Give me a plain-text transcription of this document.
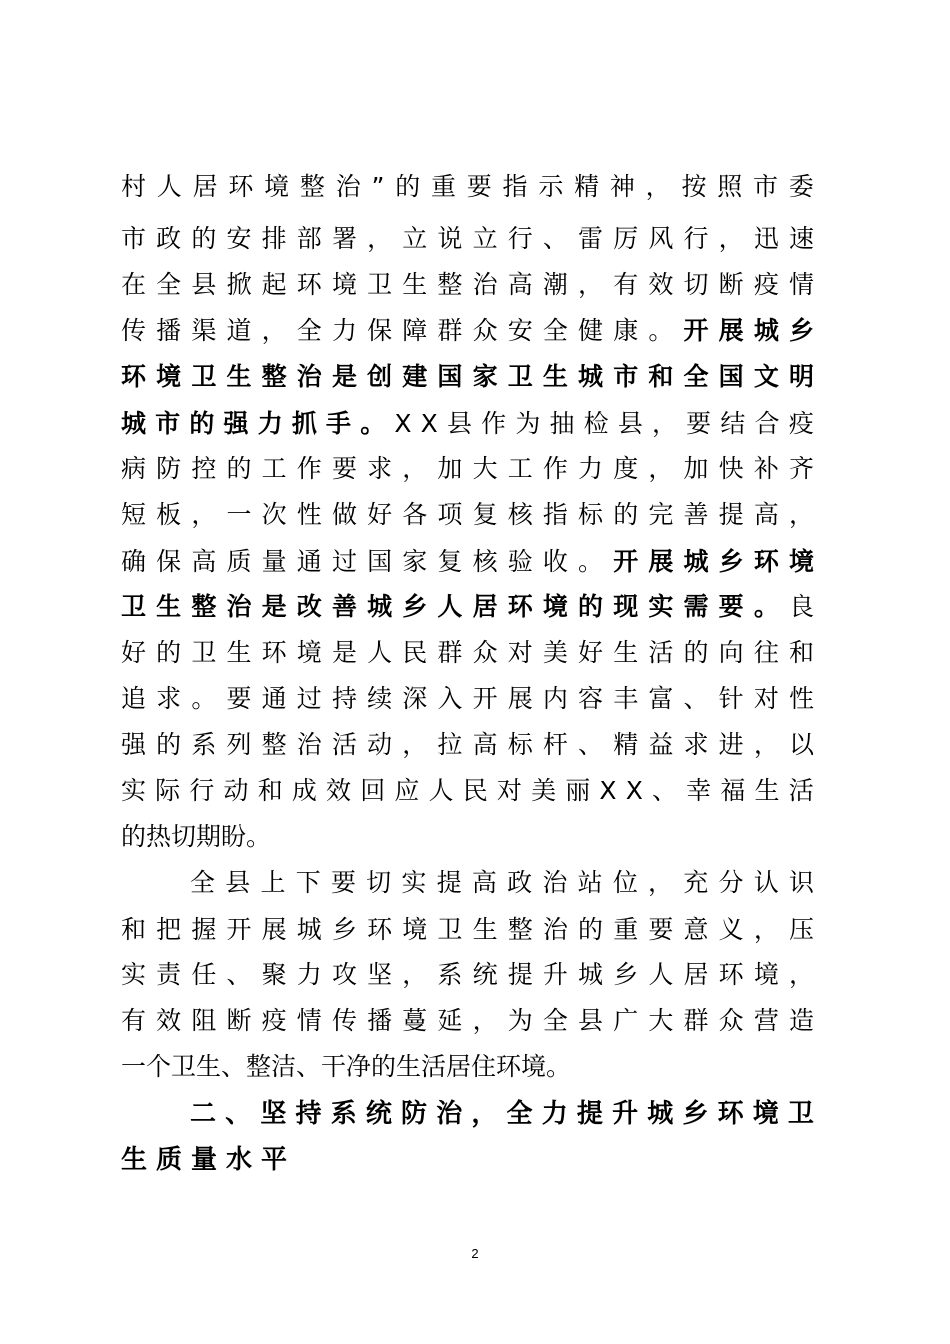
村 人 居 环 境 整 治 ” 的 重 要 指 示 精 神 ， 按 照 市 委
市 政 的 安 排 部 署 ， 立 说 立 行 、 雷 厉 风 行 ， 迅 速
在 全 县 掀 起 环 境 卫 生 整 治 高 潮 ， 有 效 切 断 疫 情
传 播 渠 道 ， 全 力 保 障 群 众 安 全 健 康 。 开 展 城 乡
环 境 卫 生 整 治 是 创 建 国 家 卫 生 城 市 和 全 国 文 明
城 市 的 强 力 抓 手 。 X X 县 作 为 抽 检 县 ， 要 结 合 疫
病 防 控 的 工 作 要 求 ， 加 大 工 作 力 度 ， 加 快 补 齐
短 板 ， 一 次 性 做 好 各 项 复 核 指 标 的 完 善 提 高 ，
确 保 高 质 量 通 过 国 家 复 核 验 收 。 开 展 城 乡 环 境
卫 生 整 治 是 改 善 城 乡 人 居 环 境 的 现 实 需 要 。 良
好 的 卫 生 环 境 是 人 民 群 众 对 美 好 生 活 的 向 往 和
追 求 。 要 通 过 持 续 深 入 开 展 内 容 丰 富 、 针 对 性
强 的 系 列 整 治 活 动 ， 拉 高 标 杆 、 精 益 求 进 ， 以
实 际 行 动 和 成 效 回 应 人 民 对 美 丽 X X 、 幸 福 生 活
的热切期盼。
全 县 上 下 要 切 实 提 高 政 治 站 位 ， 充 分 认 识
和 把 握 开 展 城 乡 环 境 卫 生 整 治 的 重 要 意 义 ， 压
实 责 任 、 聚 力 攻 坚 ， 系 统 提 升 城 乡 人 居 环 境 ，
有 效 阻 断 疫 情 传 播 蔓 延 ， 为 全 县 广 大 群 众 营 造
一个卫生、整洁、干净的生活居住环境。
二 、 坚 持 系 统 防 治 ， 全 力 提 升 城 乡 环 境 卫
生质量水平
2
